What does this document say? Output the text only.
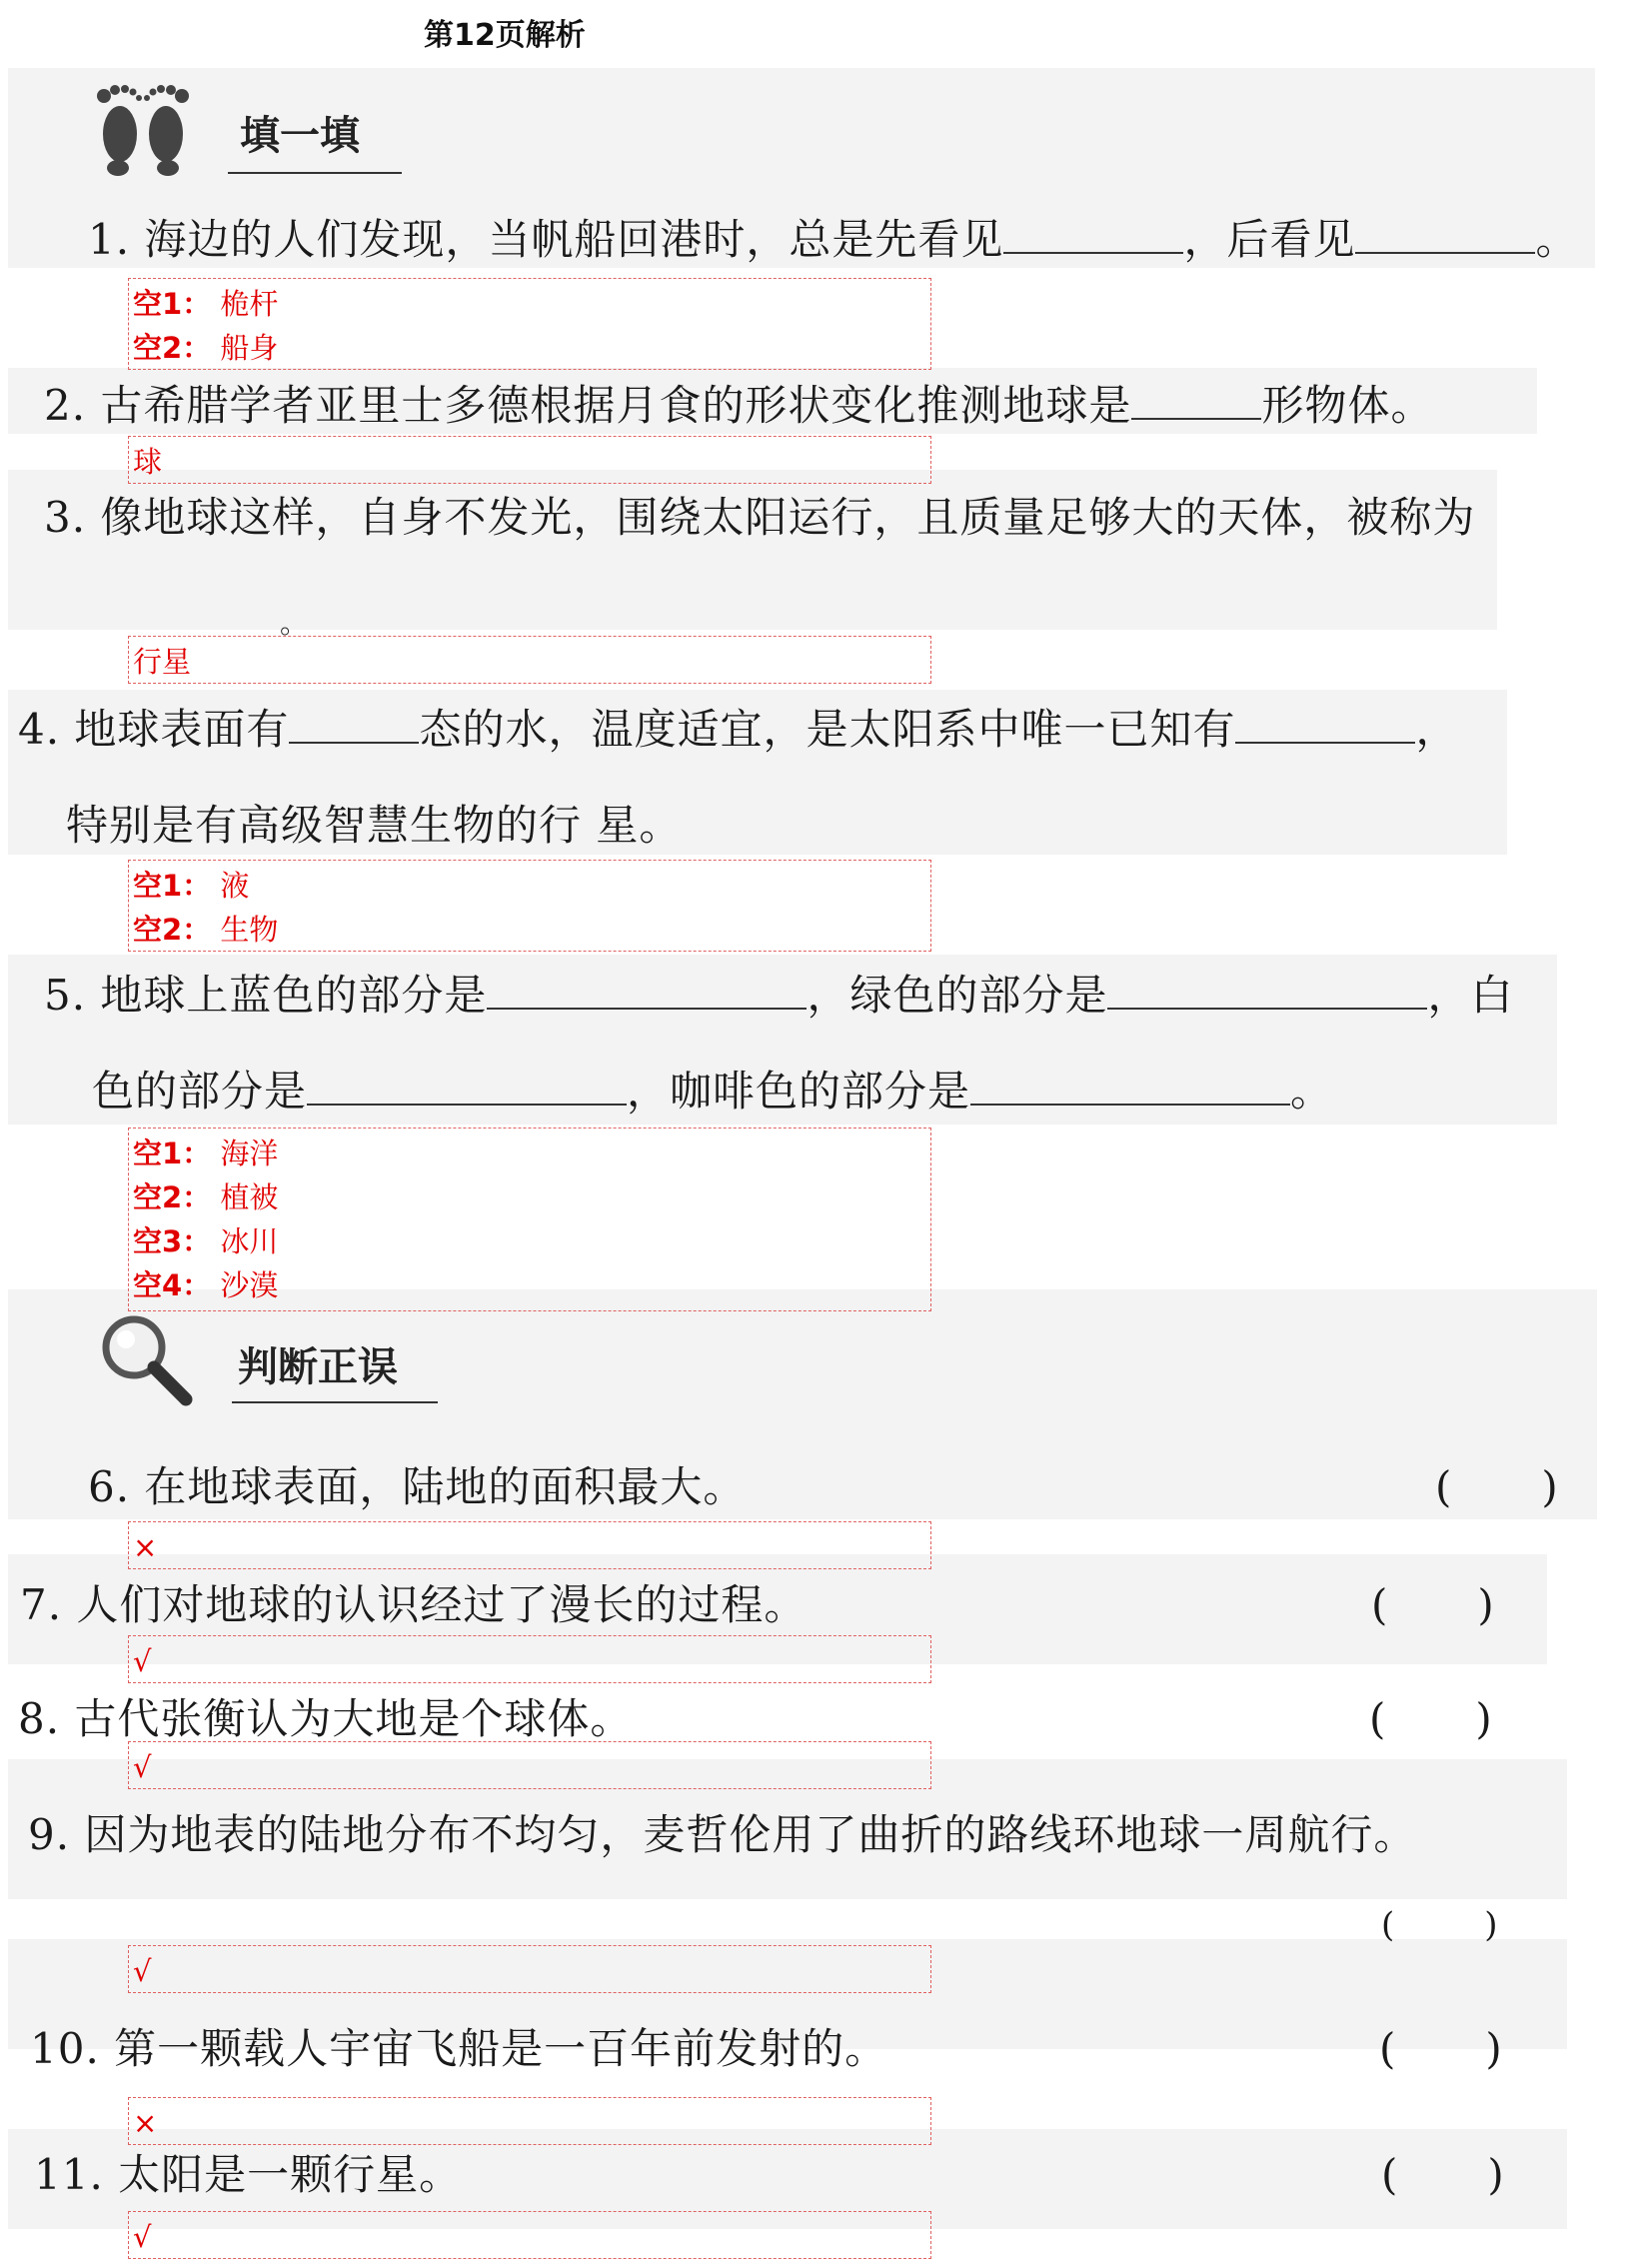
第12页解析
填一填
1. 海边的人们发现，当帆船回港时，总是先看见	，后看见	。
空1： 桅杆
空2： 船身
2. 古希腊学者亚里士多德根据月食的形状变化推测地球是	形物体。
球
3. 像地球这样，自身不发光，围绕太阳运行，且质量足够大的天体，被称为
。
行星
4. 地球表面有	态的水，温度适宜，是太阳系中唯一已知有	，
特别是有高级智慧生物的行 星。
空1： 液
空2： 生物
5. 地球上蓝色的部分是	，绿色的部分是	，白
色的部分是	，咖啡色的部分是	。
空1： 海洋
空2： 植被
空3： 冰川
空4： 沙漠
判断正误
6. 在地球表面，陆地的面积最大。	()
×
7. 人们对地球的认识经过了漫长的过程。	()
√
8. 古代张衡认为大地是个球体。	()
√
9. 因为地表的陆地分布不均匀，麦哲伦用了曲折的路线环地球一周航行。
()
√
10. 第一颗载人宇宙飞船是一百年前发射的。	()
×
11. 太阳是一颗行星。	()
√
